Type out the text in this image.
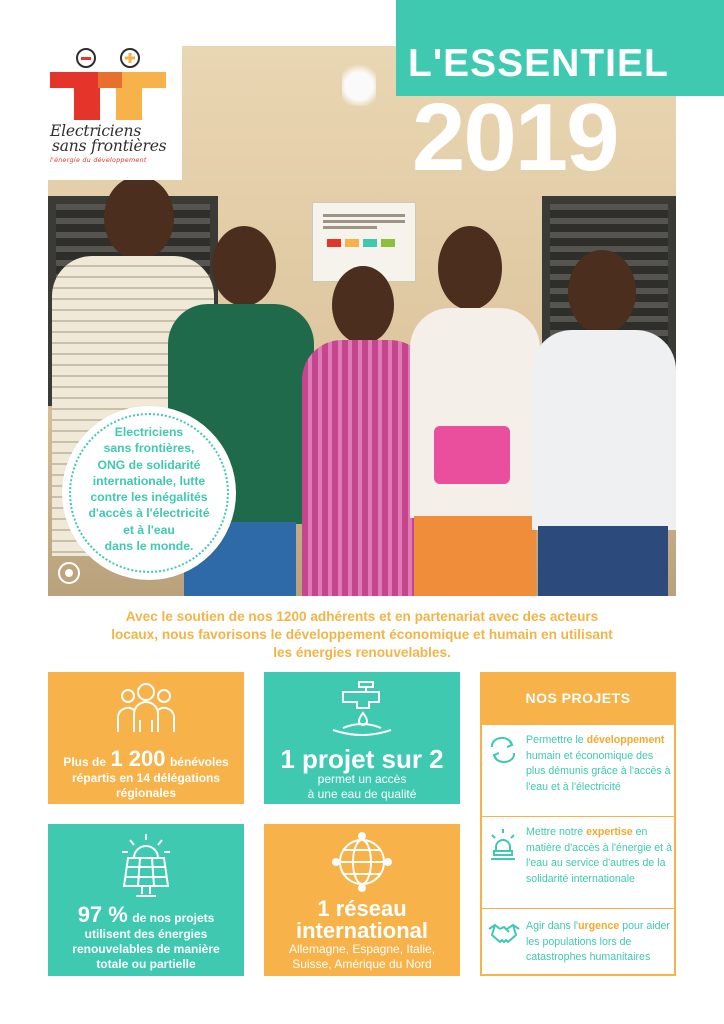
Electriciens
sans frontières
l'énergie du développement
L'ESSENTIEL
2019
Electriciens
sans frontières,
ONG de solidarité
internationale, lutte
contre les inégalités
d'accès à l'électricité
et à l'eau
dans le monde.
Avec le soutien de nos 1200 adhérents et en partenariat avec des acteurs
locaux, nous favorisons le développement économique et humain en utilisant
les énergies renouvelables.
Plus de 1 200 bénévoles
répartis en 14 délégations
régionales
1 projet sur 2
permet un accès
à une eau de qualité
97 % de nos projets
utilisent des énergies
renouvelables de manière
totale ou partielle
1 réseau
international
Allemagne, Espagne, Italie,
Suisse, Amérique du Nord
NOS PROJETS
Permettre le développement humain et économique des plus démunis grâce à l'accès à l'eau et à l'électricité
Mettre notre expertise en matière d'accès à l'énergie et à l'eau au service d'autres de la solidarité internationale
Agir dans l'urgence pour aider les populations lors de catastrophes humanitaires
